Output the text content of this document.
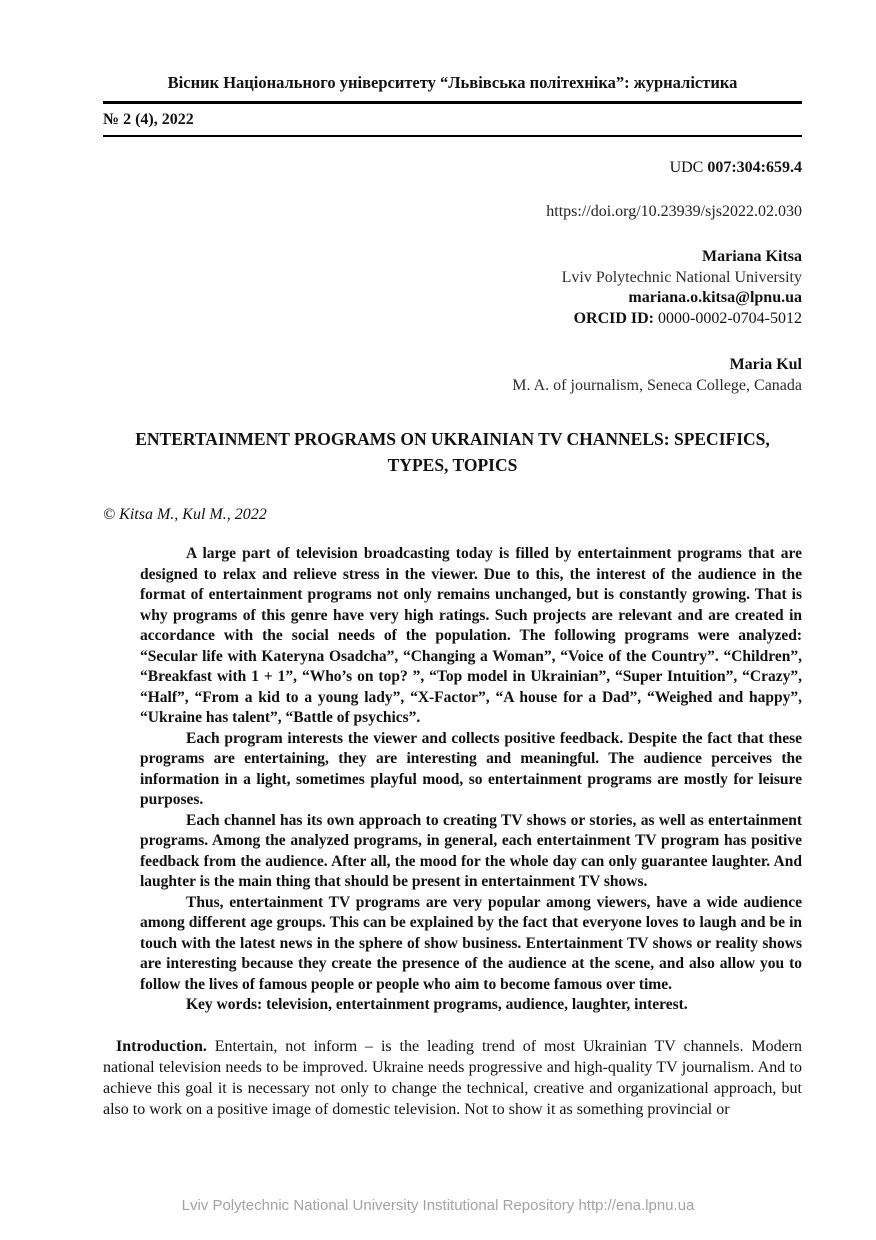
Вісник Національного університету “Львівська політехніка”: журналістика
№ 2 (4), 2022
UDC 007:304:659.4
https://doi.org/10.23939/sjs2022.02.030
Mariana Kitsa
Lviv Polytechnic National University
mariana.o.kitsa@lpnu.ua
ORCID ID: 0000-0002-0704-5012
Maria Kul
M. A. of journalism, Seneca College, Canada
ENTERTAINMENT PROGRAMS ON UKRAINIAN TV CHANNELS: SPECIFICS, TYPES, TOPICS
© Kitsa M., Kul M., 2022

A large part of television broadcasting today is filled by entertainment programs that are designed to relax and relieve stress in the viewer. Due to this, the interest of the audience in the format of entertainment programs not only remains unchanged, but is constantly growing. That is why programs of this genre have very high ratings. Such projects are relevant and are created in accordance with the social needs of the population. The following programs were analyzed: “Secular life with Kateryna Osadcha”, “Changing a Woman”, “Voice of the Country”. “Children”, “Breakfast with 1 + 1”, “Who’s on top? ”, “Top model in Ukrainian”, “Super Intuition”, “Crazy”, “Half”, “From a kid to a young lady”, “X-Factor”, “A house for a Dad”, “Weighed and happy”, “Ukraine has talent”, “Battle of psychics”.

Each program interests the viewer and collects positive feedback. Despite the fact that these programs are entertaining, they are interesting and meaningful. The audience perceives the information in a light, sometimes playful mood, so entertainment programs are mostly for leisure purposes.

Each channel has its own approach to creating TV shows or stories, as well as entertainment programs. Among the analyzed programs, in general, each entertainment TV program has positive feedback from the audience. After all, the mood for the whole day can only guarantee laughter. And laughter is the main thing that should be present in entertainment TV shows.

Thus, entertainment TV programs are very popular among viewers, have a wide audience among different age groups. This can be explained by the fact that everyone loves to laugh and be in touch with the latest news in the sphere of show business. Entertainment TV shows or reality shows are interesting because they create the presence of the audience at the scene, and also allow you to follow the lives of famous people or people who aim to become famous over time.

Key words: television, entertainment programs, audience, laughter, interest.

Introduction. Entertain, not inform – is the leading trend of most Ukrainian TV channels. Modern national television needs to be improved. Ukraine needs progressive and high-quality TV journalism. And to achieve this goal it is necessary not only to change the technical, creative and organizational approach, but also to work on a positive image of domestic television. Not to show it as something provincial or

Lviv Polytechnic National University Institutional Repository http://ena.lpnu.ua
